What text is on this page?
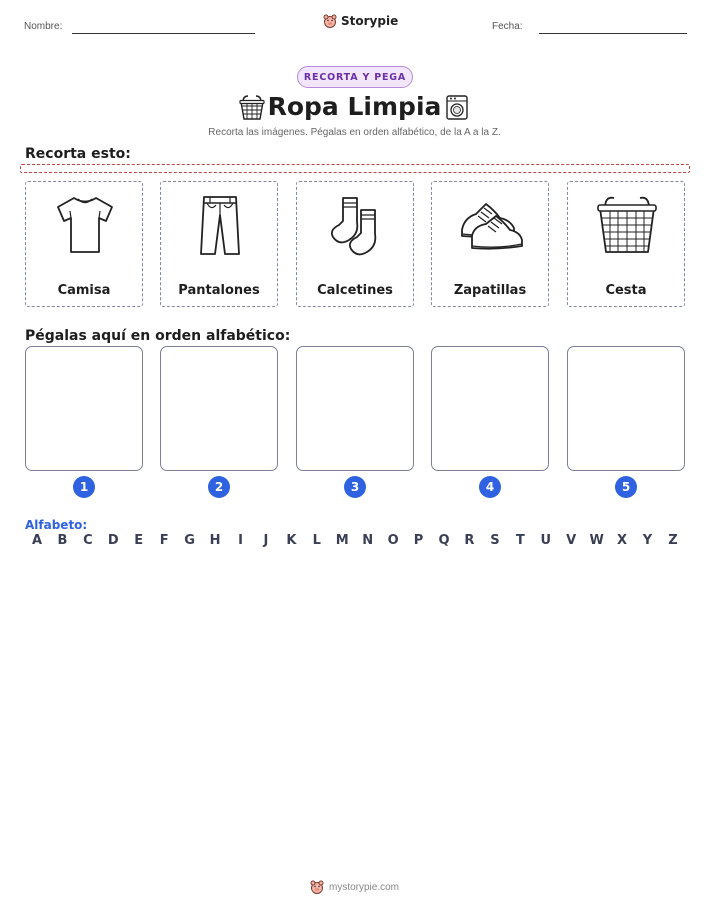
Nombre:	Storypie	Fecha:
RECORTA Y PEGA
Ropa Limpia
Recorta las imágenes. Pégalas en orden alfabético, de la A a la Z.
Recorta esto:
Camisa	Pantalones	Calcetines	Zapatillas	Cesta
Pégalas aquí en orden alfabético:
1	2	3	4	5
Alfabeto:
A	B	C	D	E	F	G	H	I	J	K	L	M	N	O	P	Q	R	S	T	U	V	W	X	Y	Z
mystorypie.com
